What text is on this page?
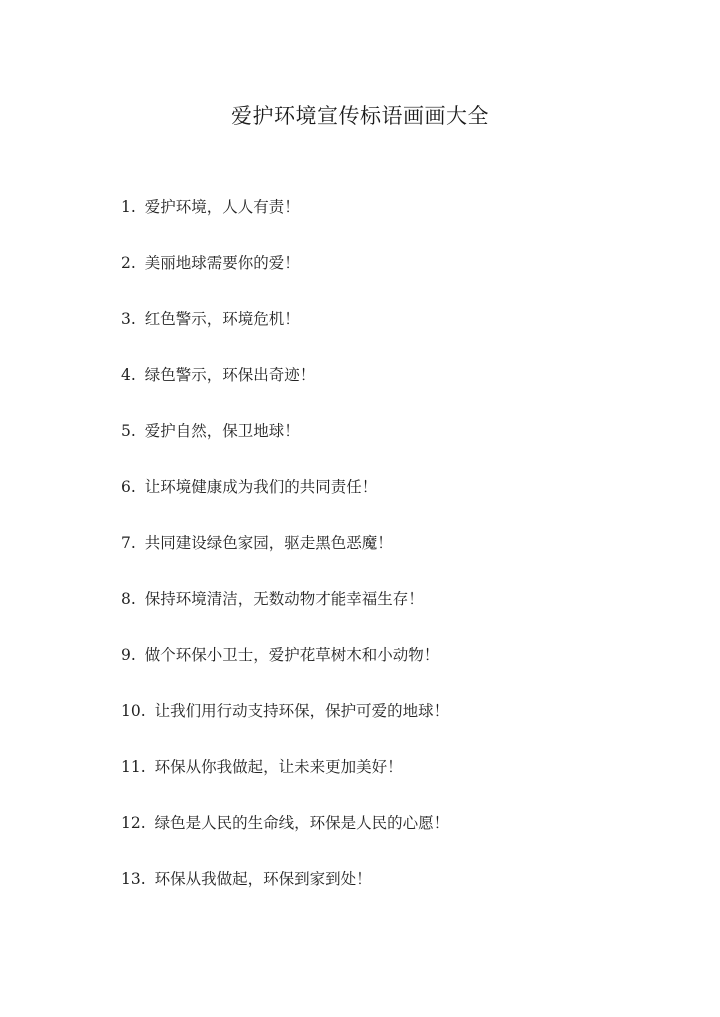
爱护环境宣传标语画画大全
1. 爱护环境，人人有责！
2. 美丽地球需要你的爱！
3. 红色警示，环境危机！
4. 绿色警示，环保出奇迹！
5. 爱护自然，保卫地球！
6. 让环境健康成为我们的共同责任！
7. 共同建设绿色家园，驱走黑色恶魔！
8. 保持环境清洁，无数动物才能幸福生存！
9. 做个环保小卫士，爱护花草树木和小动物！
10. 让我们用行动支持环保，保护可爱的地球！
11. 环保从你我做起，让未来更加美好！
12. 绿色是人民的生命线，环保是人民的心愿！
13. 环保从我做起，环保到家到处！
